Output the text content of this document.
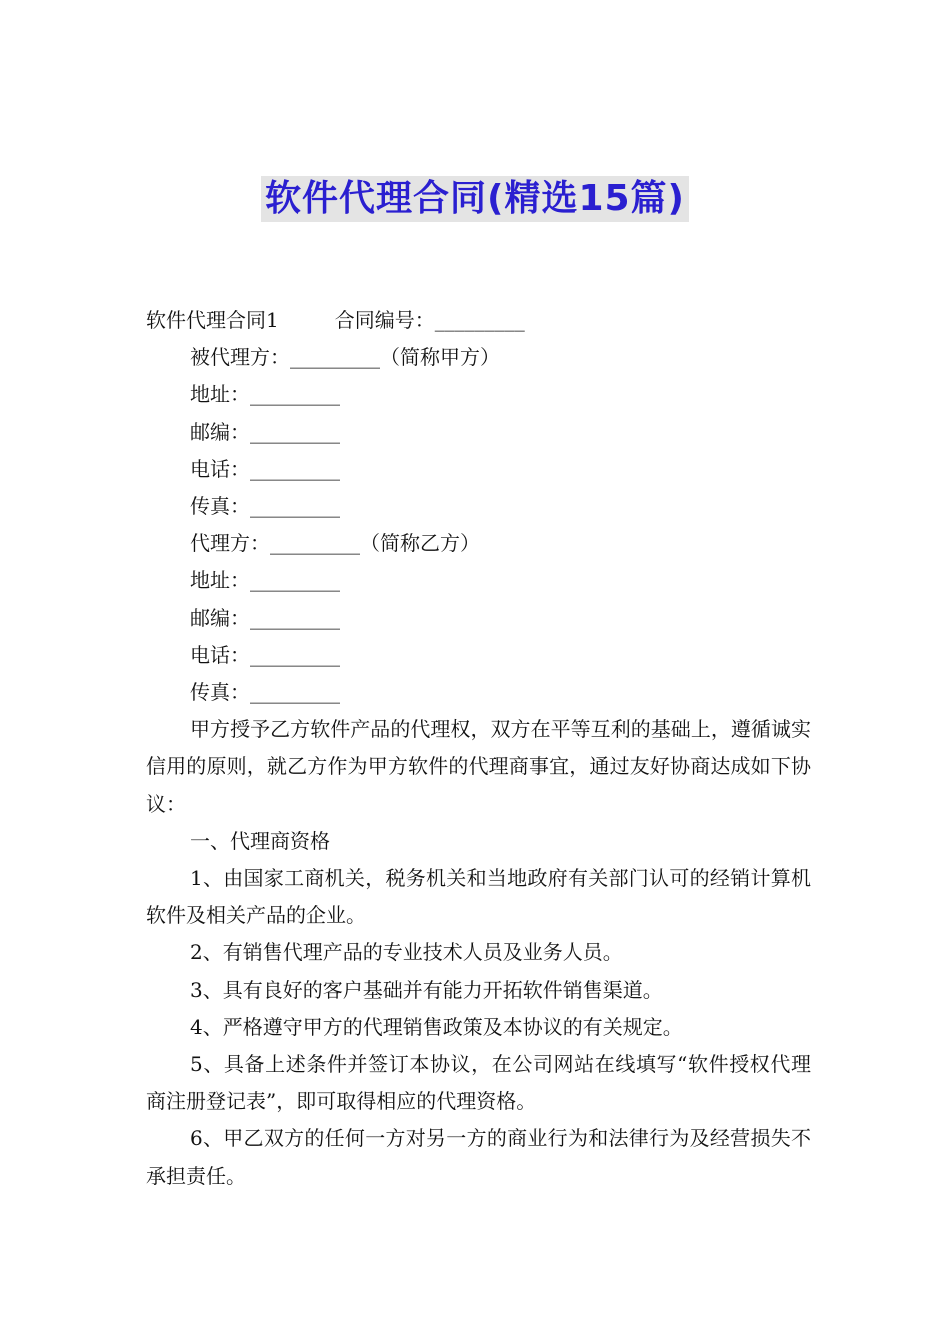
软件代理合同(精选15篇)
软件代理合同1	合同编号：_________
被代理方：_________（简称甲方）
地址：_________
邮编：_________
电话：_________
传真：_________
代理方：_________（简称乙方）
地址：_________
邮编：_________
电话：_________
传真：_________
甲方授予乙方软件产品的代理权，双方在平等互利的基础上，遵循诚实信用的原则，就乙方作为甲方软件的代理商事宜，通过友好协商达成如下协议：
一、代理商资格
1、由国家工商机关，税务机关和当地政府有关部门认可的经销计算机软件及相关产品的企业。
2、有销售代理产品的专业技术人员及业务人员。
3、具有良好的客户基础并有能力开拓软件销售渠道。
4、严格遵守甲方的代理销售政策及本协议的有关规定。
5、具备上述条件并签订本协议，在公司网站在线填写“软件授权代理商注册登记表”，即可取得相应的代理资格。
6、甲乙双方的任何一方对另一方的商业行为和法律行为及经营损失不承担责任。
